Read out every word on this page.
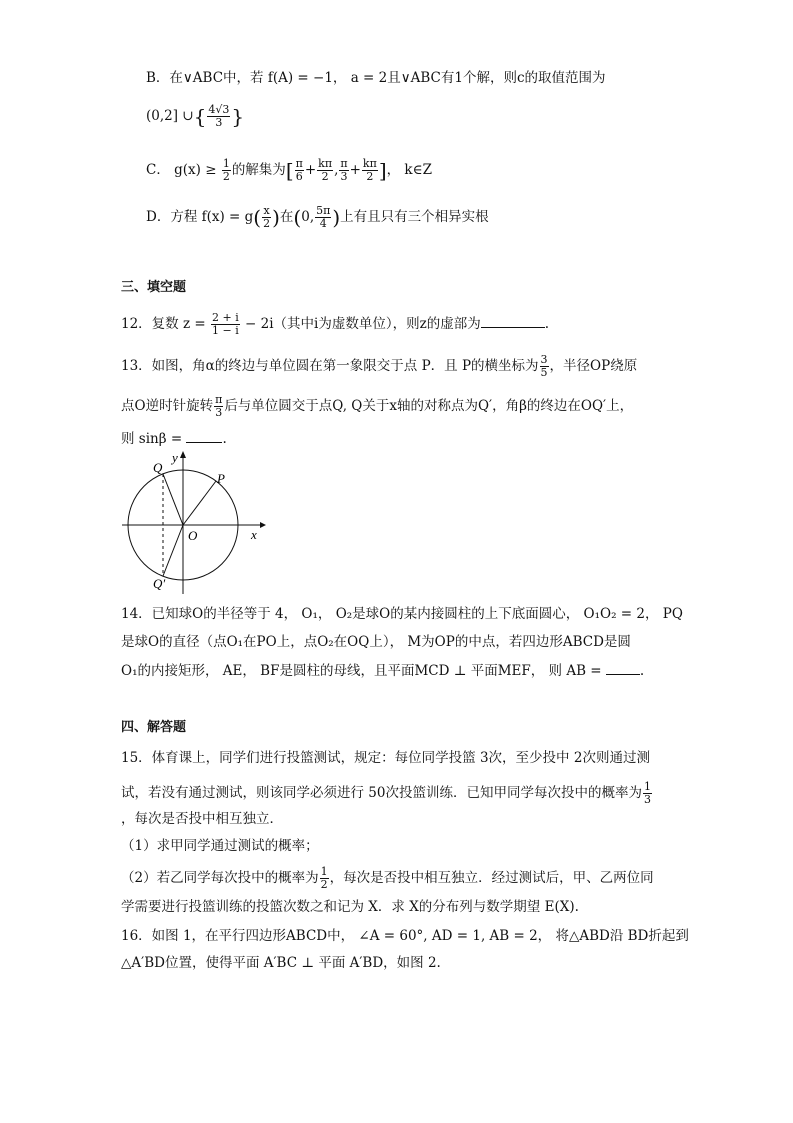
B．在∨ABC中，若 f(A) = −1， a = 2且∨ABC有1个解，则c的取值范围为
(0,2] ∪{ $\frac{4√3}{3}$ }
C． $g(x) \ge \frac{1}{2}$ 的解集为[ $\frac{\pi}{6} + \frac{k\pi}{2}$ , $\frac{\pi}{3} + \frac{k\pi}{2}$ ]， k∈Z
D．方程 $f(x) = g( \frac{x}{2}$ )在(0, $\frac{5\pi}{4}$ )上有且只有三个相异实根
三、填空题
12．复数 $z = \frac{2 + i}{1 - i} - 2i$（其中i为虚数单位），则z的虚部为	.
13．如图，角α的终边与单位圆在第一象限交于点 P．且 P的横坐标为 $\frac{3}{5}$ ，半径OP绕原
点O逆时针旋转 $\frac{\pi}{3}$ 后与单位圆交于点Q, Q关于x轴的对称点为Q′，角β的终边在OQ′上，
则 sinβ =	.
Q
P
O
Q′
x
y
14．已知球O的半径等于 4， O₁， O₂是球O的某内接圆柱的上下底面圆心， O₁O₂ = 2， PQ
是球O的直径（点O₁在PO上，点O₂在OQ上）， M为OP的中点，若四边形ABCD是圆
O₁的内接矩形， AE， BF是圆柱的母线，且平面MCD ⊥ 平面MEF， 则 AB =	.
四、解答题
15．体育课上，同学们进行投篮测试，规定：每位同学投篮 3次，至少投中 2次则通过测
试，若没有通过测试，则该同学必须进行 50次投篮训练．已知甲同学每次投中的概率为 $\frac{1}{3}$
，每次是否投中相互独立．
（1）求甲同学通过测试的概率；
（2）若乙同学每次投中的概率为 $\frac{1}{2}$ ，每次是否投中相互独立．经过测试后，甲、乙两位同
学需要进行投篮训练的投篮次数之和记为 X．求 X的分布列与数学期望 E(X).
16．如图 1，在平行四边形ABCD中， ∠A = 60°, AD = 1, AB = 2， 将△ABD沿 BD折起到
△A′BD位置，使得平面 A′BC ⊥ 平面 A′BD，如图 2.
